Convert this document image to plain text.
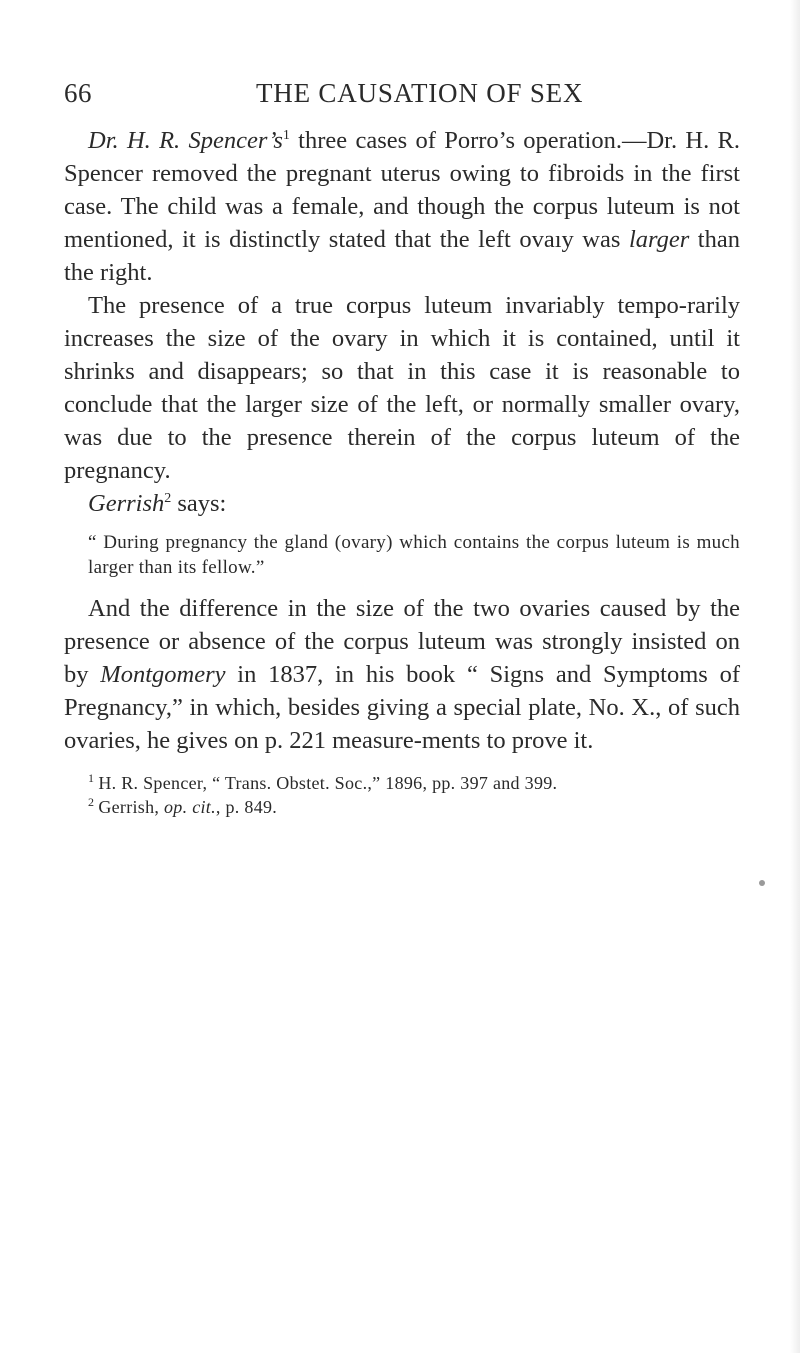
66	THE CAUSATION OF SEX

Dr. H. R. $Spencer’s^1$ three cases of Porro’s operation.—Dr. H. R. Spencer removed the pregnant uterus owing to fibroids in the first case. The child was a female, and though the corpus luteum is not mentioned, it is distinctly stated that the left ovaıy was larger than the right.

The presence of a true corpus luteum invariably tempo-rarily increases the size of the ovary in which it is contained, until it shrinks and disappears; so that in this case it is reasonable to conclude that the larger size of the left, or normally smaller ovary, was due to the presence therein of the corpus luteum of the pregnancy.

Gerrish$^2$ says:

“ During pregnancy the gland (ovary) which contains the corpus luteum is much larger than its fellow.”

And the difference in the size of the two ovaries caused by the presence or absence of the corpus luteum was strongly insisted on by Montgomery in 1837, in his book “ Signs and Symptoms of Pregnancy,” in which, besides giving a special plate, No. X., of such ovaries, he gives on p. 221 measure-ments to prove it.

$^1$ H. R. Spencer, “ Trans. Obstet. Soc.,” 1896, pp. 397 and 399.
$^2$ Gerrish, op. cit., p. 849.
